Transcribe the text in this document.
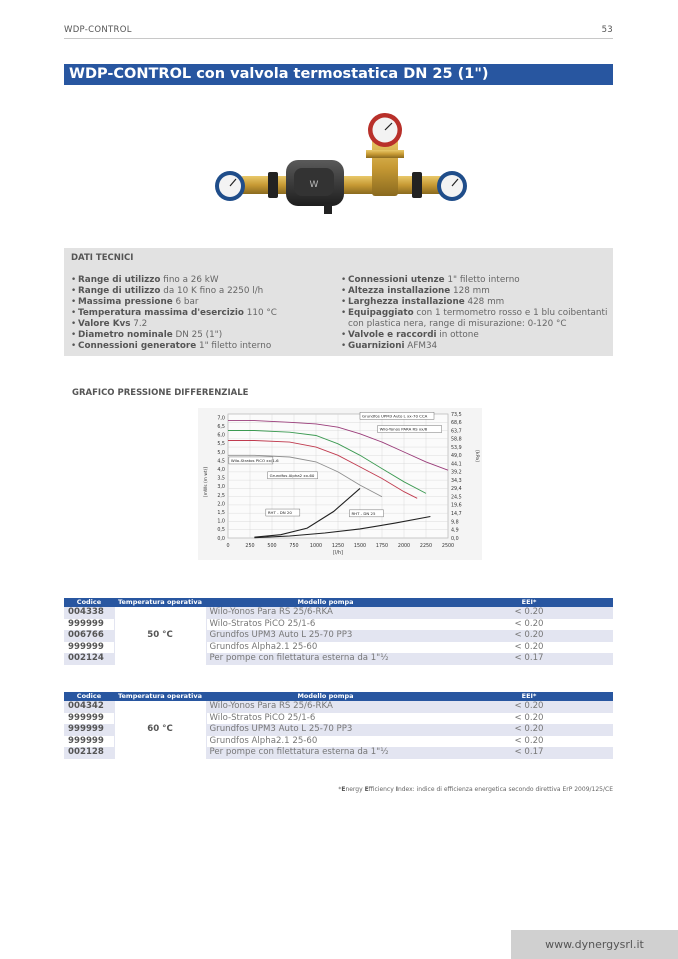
WDP-CONTROL	53
WDP-CONTROL con valvola termostatica DN 25 (1")
W
DATI TECNICI
• Range di utilizzo fino a 26 kW
• Range di utilizzo da 10 K fino a 2250 l/h
• Massima pressione 6 bar
• Temperatura massima d'esercizio 110 °C
• Valore Kvs 7.2
• Diametro nominale DN 25 (1")
• Connessioni generatore 1" filetto interno
• Connessioni utenze 1" filetto interno
• Altezza installazione 128 mm
• Larghezza installazione 428 mm
• Equipaggiato con 1 termometro rosso e 1 blu coibentanti con plastica nera, range di misurazione: 0-120 °C
• Valvole e raccordi in ottone
• Guarnizioni AFM34
GRAFICO PRESSIONE DIFFERENZIALE
7,0
6,5
6,0
5,5
5,0
4,5
4,0
3,5
3,0
2,5
2,0
1,5
1,0
0,5
0,0
73,5
68,6
63,7
58,8
53,9
49,0
44,1
39,2
34,3
29,4
24,5
19,6
14,7
9,8
4,9
0,0
0	250	500	750 1000 1250 1500 1750 2000 2250 2500
[l/h]
[mWs (m wt)]
[kPa]
Grundfos UPM3 Auto L xx-70 CCA
Wilo-Yonos PARA RS xx/6
Wilo-Stratos PICO xx/1-6
Grundfos Alpha2 xx-60
RHT - DN 20	RHT - DN 25
Codice	Temperatura operativa	Modello pompa	EEI*
004338	50 °C	Wilo-Yonos Para RS 25/6-RKA	< 0.20
999999		Wilo-Stratos PiCO 25/1-6	< 0.20
006766		Grundfos UPM3 Auto L 25-70 PP3	< 0.20
999999		Grundfos Alpha2.1 25-60	< 0.20
002124		Per pompe con filettatura esterna da 1"½	< 0.17
Codice	Temperatura operativa	Modello pompa	EEI*
004342	60 °C	Wilo-Yonos Para RS 25/6-RKA	< 0.20
999999		Wilo-Stratos PiCO 25/1-6	< 0.20
999999		Grundfos UPM3 Auto L 25-70 PP3	< 0.20
999999		Grundfos Alpha2.1 25-60	< 0.20
002128		Per pompe con filettatura esterna da 1"½	< 0.17
*Energy Efficiency Index: indice di efficienza energetica secondo direttiva ErP 2009/125/CE
www.dynergysrl.it
